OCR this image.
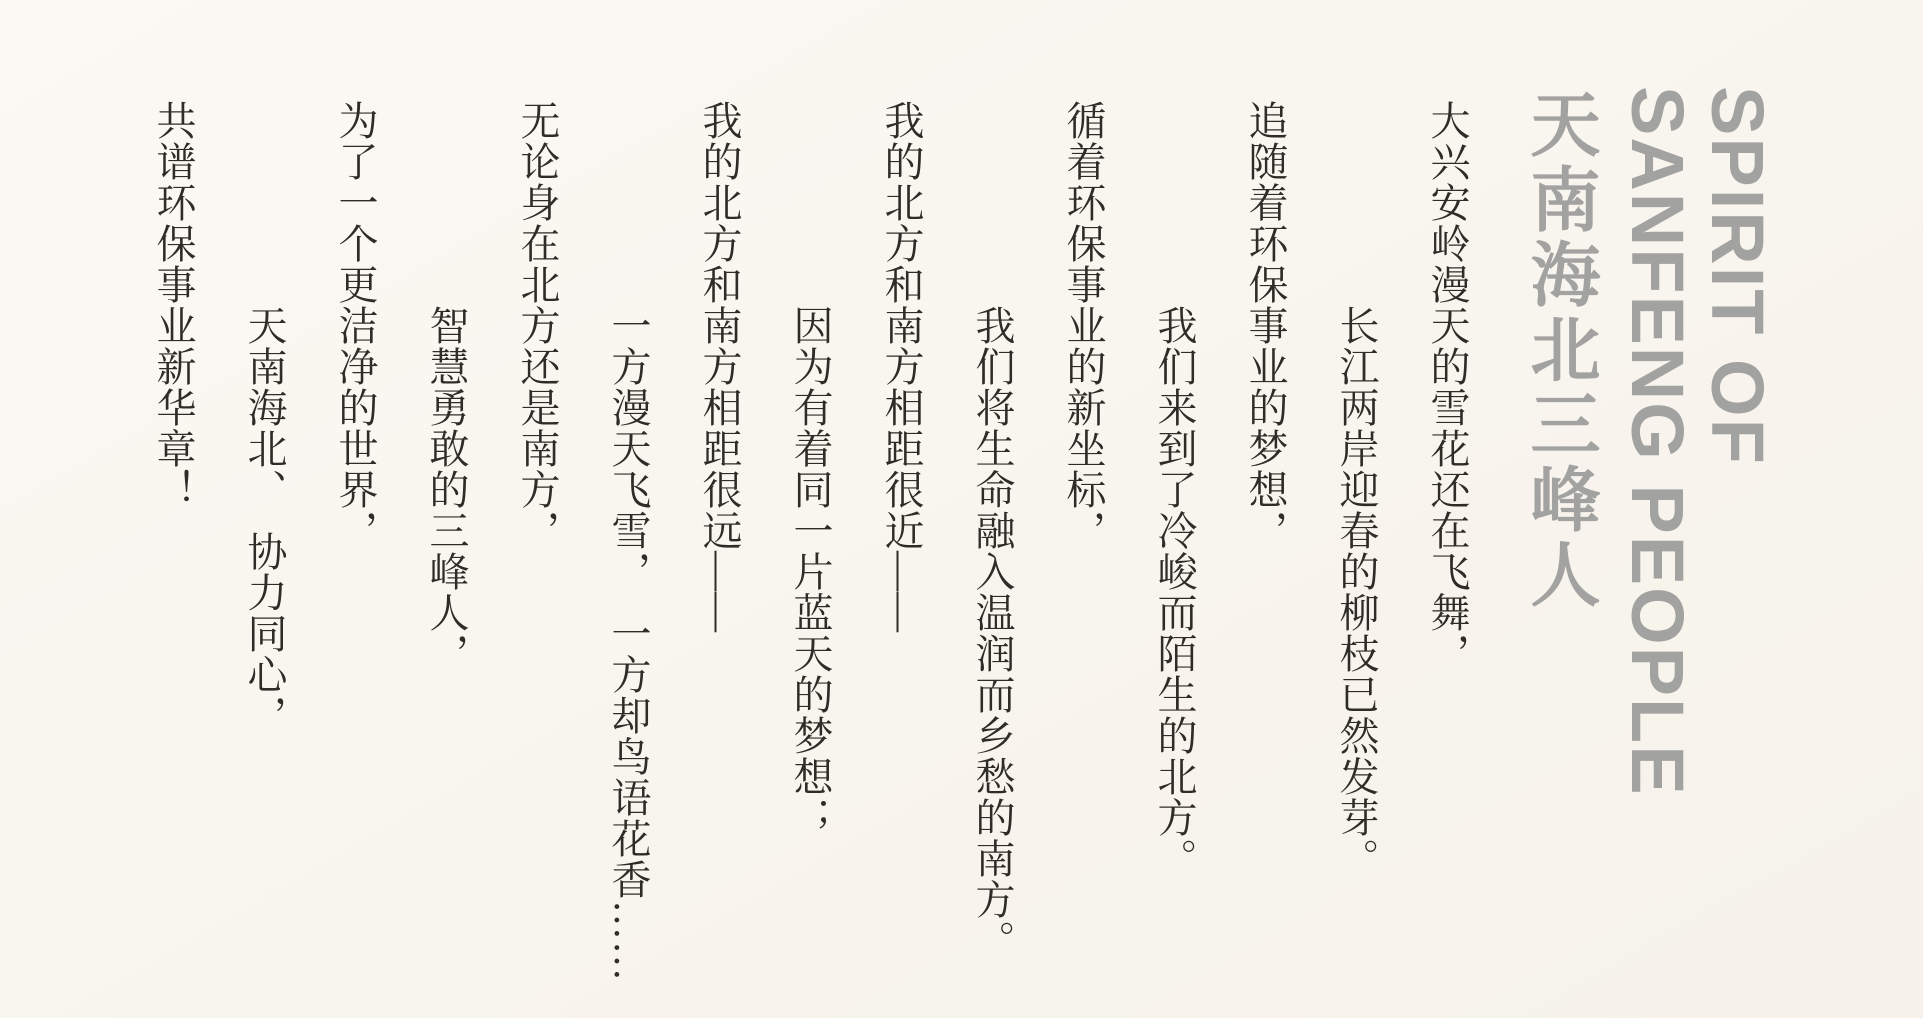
SPIRIT OF
SANFENG PEOPLE
天南海北三峰人

大兴安岭漫天的雪花还在飞舞，

长江两岸迎春的柳枝已然发芽。

追随着环保事业的梦想，

我们来到了冷峻而陌生的北方。

循着环保事业的新坐标，

我们将生命融入温润而乡愁的南方。

我的北方和南方相距很近——

因为有着同一片蓝天的梦想；

我的北方和南方相距很远——

一方漫天飞雪，　一方却鸟语花香……

无论身在北方还是南方，

智慧勇敢的三峰人，

为了一个更洁净的世界，

天南海北、　协力同心，

共谱环保事业新华章！
